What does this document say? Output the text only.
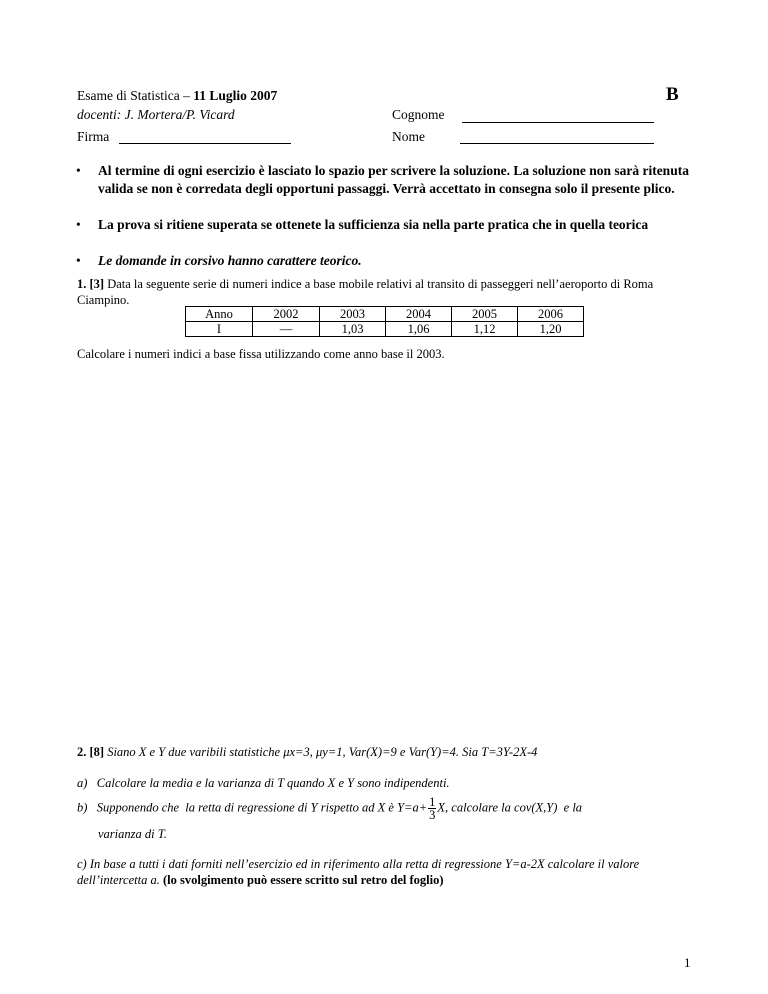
Esame di Statistica – 11 Luglio 2007	B
docenti: J. Mortera/P. Vicard	Cognome
Firma	Nome
• Al termine di ogni esercizio è lasciato lo spazio per scrivere la soluzione. La soluzione non sarà ritenuta valida se non è corredata degli opportuni passaggi. Verrà accettato in consegna solo il presente plico.
• La prova si ritiene superata se ottenete la sufficienza sia nella parte pratica che in quella teorica
• Le domande in corsivo hanno carattere teorico.
1. [3] Data la seguente serie di numeri indice a base mobile relativi al transito di passeggeri nell’aeroporto di Roma Ciampino.
Anno	2002	2003	2004	2005	2006
I	—	1,03	1,06	1,12	1,20
Calcolare i numeri indici a base fissa utilizzando come anno base il 2003.
2. [8] Siano X e Y due varibili statistiche μx=3, μy=1, Var(X)=9 e Var(Y)=4. Sia T=3Y-2X-4
a)   Calcolare la media e la varianza di T quando X e Y sono indipendenti.
b)   Supponendo che  la retta di regressione di Y rispetto ad X è $Y=a+ \frac{1}{3} X$, calcolare la cov(X,Y)  e la
varianza di T.
c) In base a tutti i dati forniti nell’esercizio ed in riferimento alla retta di regressione Y=a-2X calcolare il valore dell’intercetta a. (lo svolgimento può essere scritto sul retro del foglio)
1
